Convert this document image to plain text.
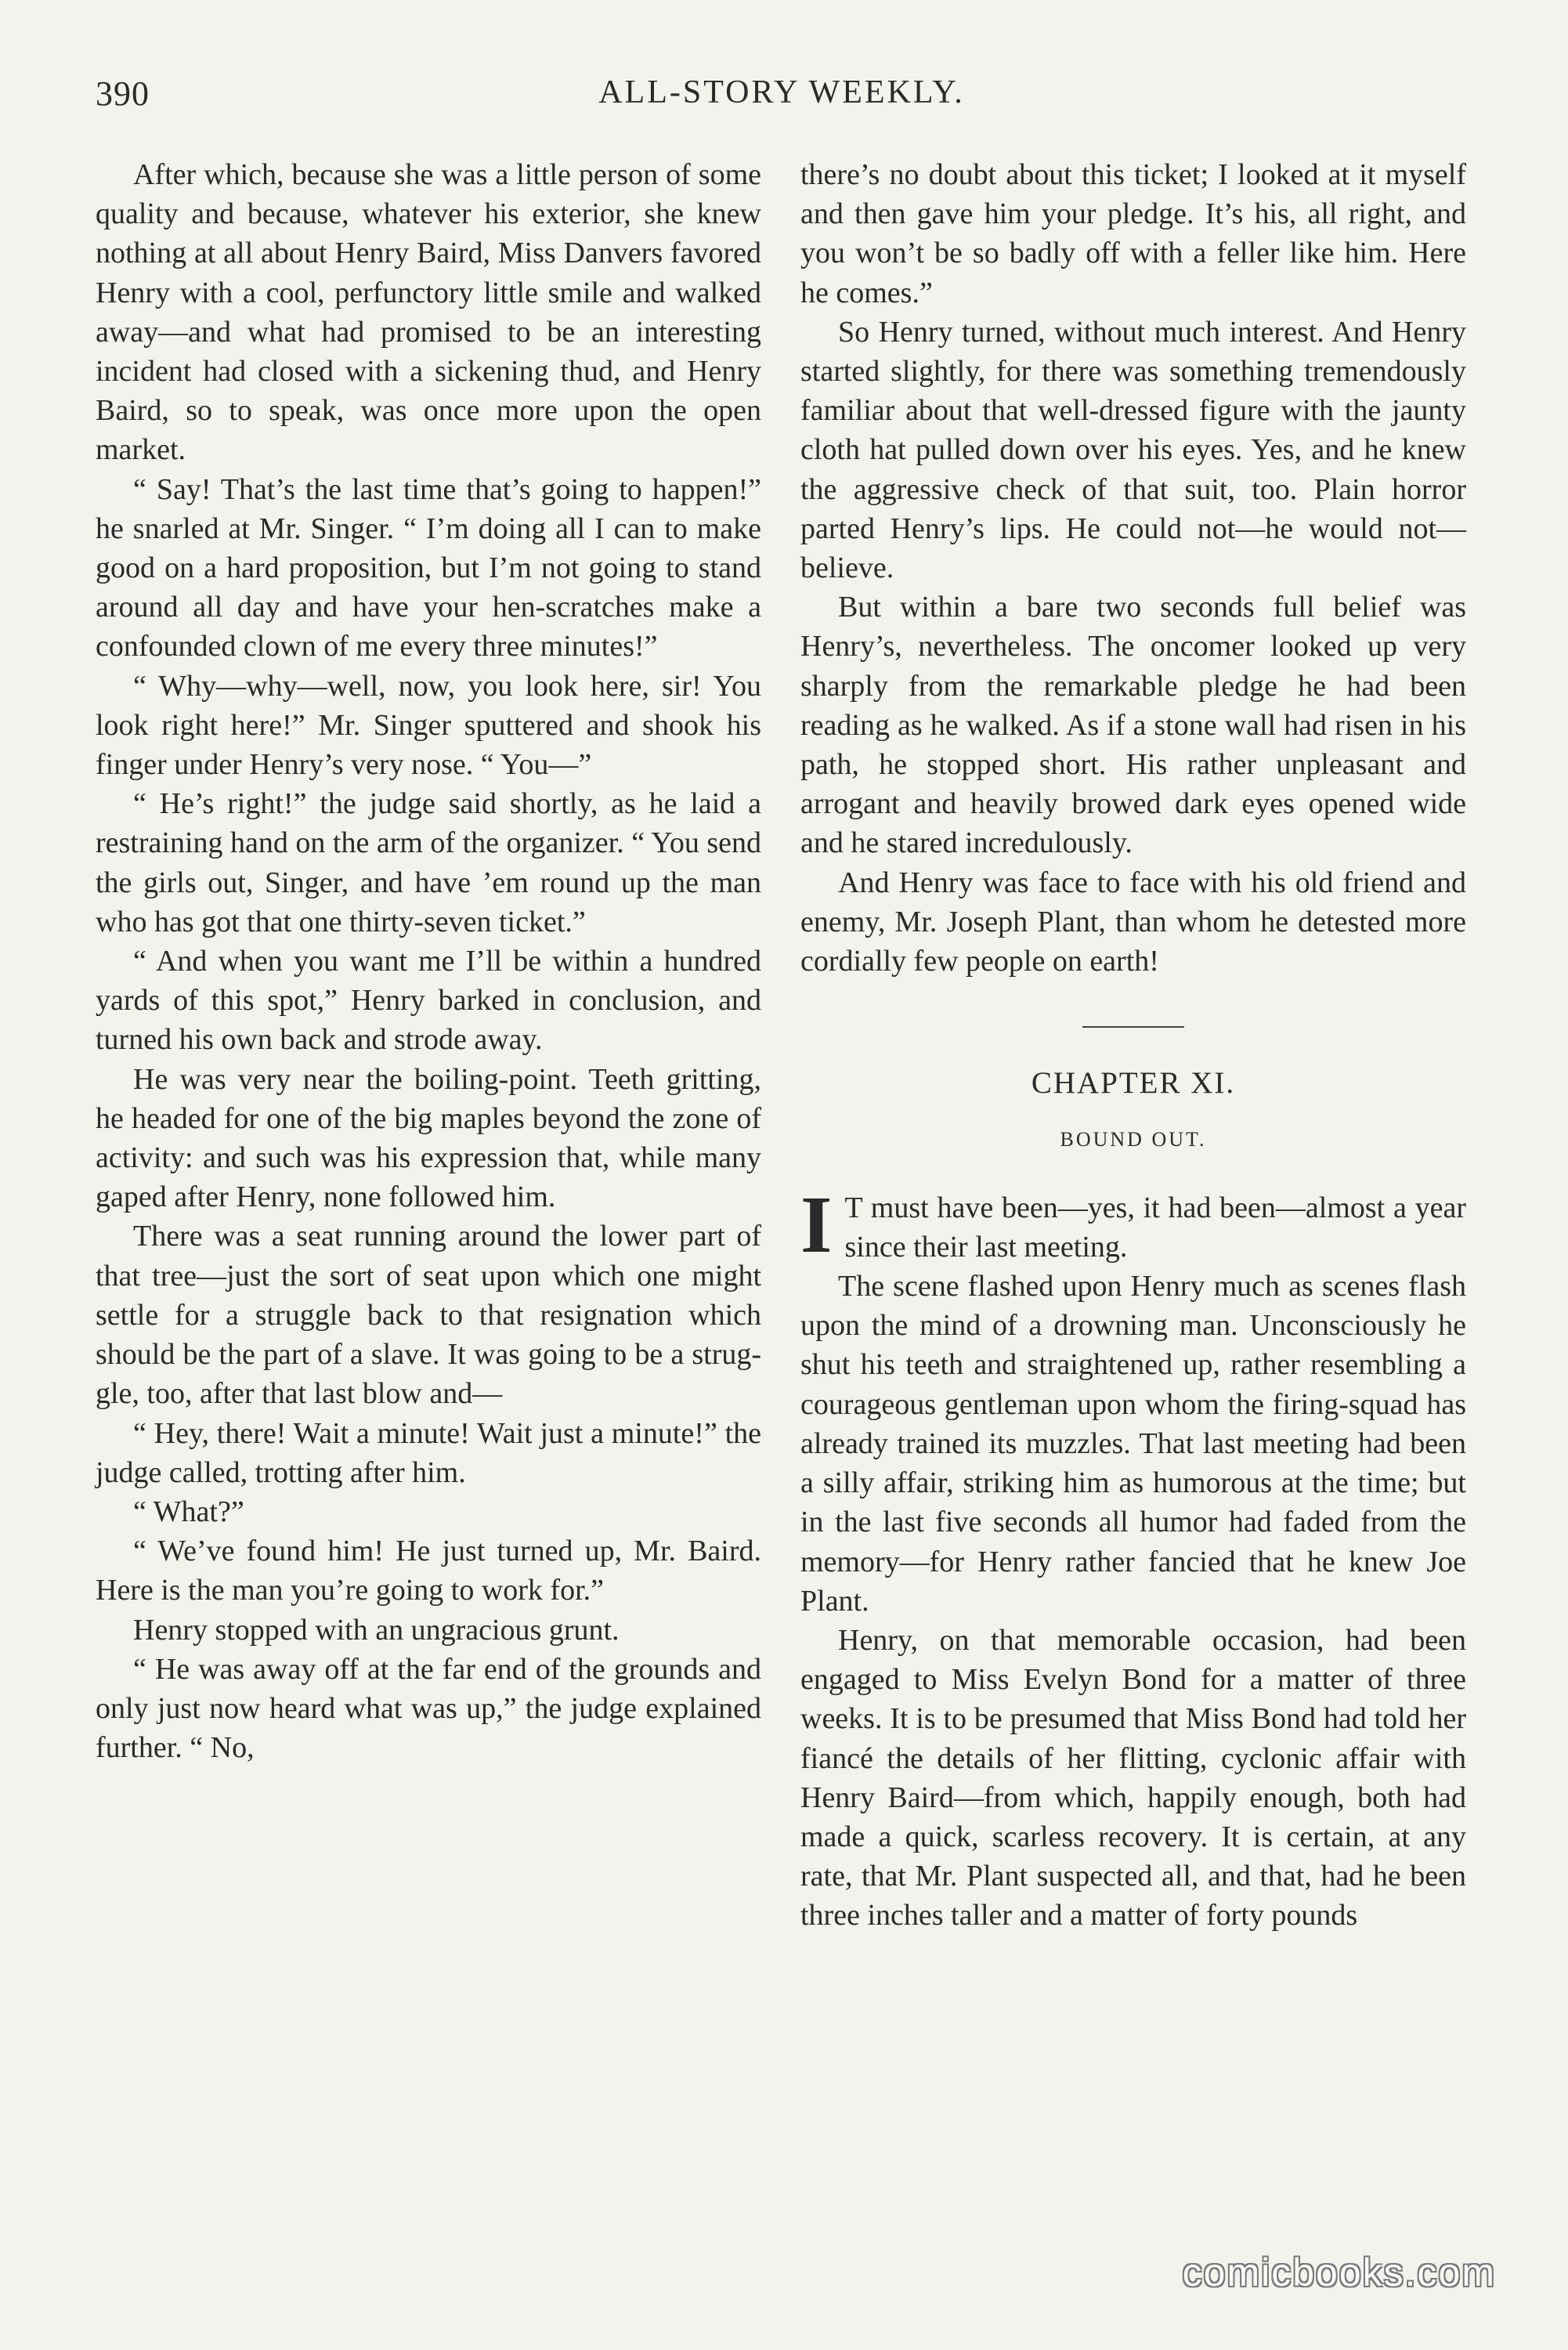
390	ALL-STORY WEEKLY.

After which, because she was a little person of some quality and because, whatever his exterior, she knew nothing at all about Henry Baird, Miss Danvers favored Henry with a cool, perfunctory little smile and walked away—and what had promised to be an interesting incident had closed with a sickening thud, and Henry Baird, so to speak, was once more upon the open market.

“ Say! That’s the last time that’s going to happen!” he snarled at Mr. Singer. “ I’m doing all I can to make good on a hard proposition, but I’m not going to stand around all day and have your hen-scratches make a confounded clown of me every three minutes!”

“ Why—why—well, now, you look here, sir! You look right here!” Mr. Singer sputtered and shook his finger under Henry’s very nose. “ You—”

“ He’s right!” the judge said shortly, as he laid a restraining hand on the arm of the organizer. “ You send the girls out, Singer, and have ’em round up the man who has got that one thirty-seven ticket.”

“ And when you want me I’ll be within a hundred yards of this spot,” Henry barked in conclusion, and turned his own back and strode away.

He was very near the boiling-point. Teeth gritting, he headed for one of the big maples beyond the zone of activity: and such was his expression that, while many gaped after Henry, none followed him.

There was a seat running around the lower part of that tree—just the sort of seat upon which one might settle for a struggle back to that resignation which should be the part of a slave. It was going to be a struggle, too, after that last blow and—

“ Hey, there! Wait a minute! Wait just a minute!” the judge called, trotting after him.

“ What?”

“ We’ve found him! He just turned up, Mr. Baird. Here is the man you’re going to work for.”

Henry stopped with an ungracious grunt.

“ He was away off at the far end of the grounds and only just now heard what was up,” the judge explained further. “ No,

there’s no doubt about this ticket; I looked at it myself and then gave him your pledge. It’s his, all right, and you won’t be so badly off with a feller like him. Here he comes.”

So Henry turned, without much interest. And Henry started slightly, for there was something tremendously familiar about that well-dressed figure with the jaunty cloth hat pulled down over his eyes. Yes, and he knew the aggressive check of that suit, too. Plain horror parted Henry’s lips. He could not—he would not— believe.

But within a bare two seconds full belief was Henry’s, nevertheless. The oncomer looked up very sharply from the remarkable pledge he had been reading as he walked. As if a stone wall had risen in his path, he stopped short. His rather unpleasant and arrogant and heavily browed dark eyes opened wide and he stared incredulously.

And Henry was face to face with his old friend and enemy, Mr. Joseph Plant, than whom he detested more cordially few people on earth!

CHAPTER XI.
BOUND OUT.

I T must have been—yes, it had been—almost a year since their last meeting.

The scene flashed upon Henry much as scenes flash upon the mind of a drowning man. Unconsciously he shut his teeth and straightened up, rather resembling a courageous gentleman upon whom the firing-squad has already trained its muzzles. That last meeting had been a silly affair, striking him as humorous at the time; but in the last five seconds all humor had faded from the memory—for Henry rather fancied that he knew Joe Plant.

Henry, on that memorable occasion, had been engaged to Miss Evelyn Bond for a matter of three weeks. It is to be presumed that Miss Bond had told her fiancé the details of her flitting, cyclonic affair with Henry Baird—from which, happily enough, both had made a quick, scarless recovery. It is certain, at any rate, that Mr. Plant suspected all, and that, had he been three inches taller and a matter of forty pounds

comicbooks.com
